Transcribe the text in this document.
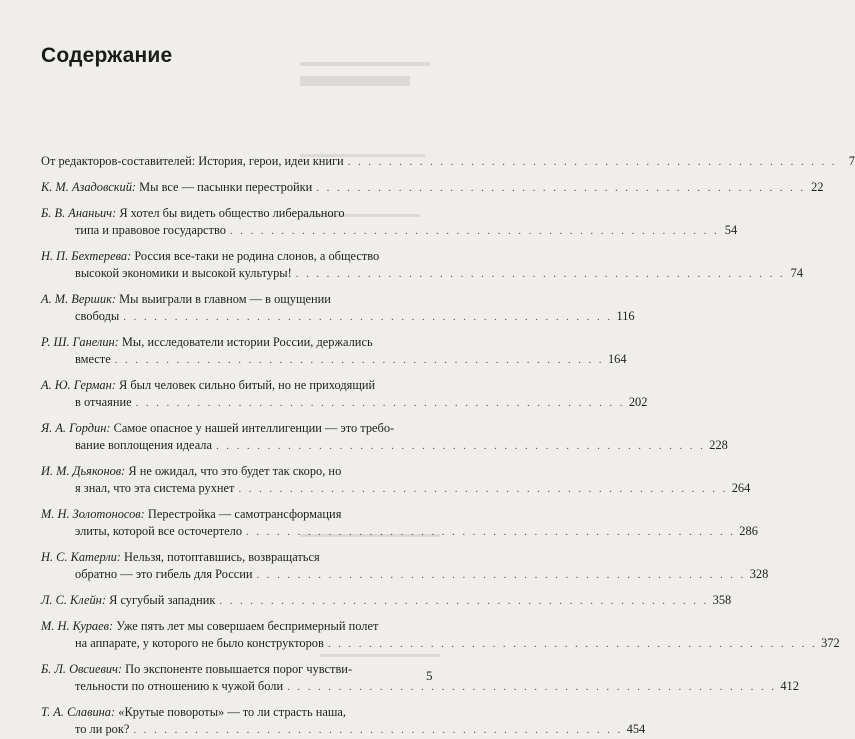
Содержание
От редакторов-составителей: История, герои, идеи книги . . . . . . . . . . . . . . . . . . . . . . . . . . . . . . . . . . . . . . . . . . . . . . . . 7
К. М. Азадовский:
Мы все — пасынки перестройки . . . . . . . . . . . . . . . . . . . . . . . . . . . . . . . . . . . . . . . . . . . . . . . . 22
Б. В. Ананьич:
Я хотел бы видеть общество либерального
типа и правовое государство . . . . . . . . . . . . . . . . . . . . . . . . . . . . . . . . . . . . . . . . . . . . . . . . 54
Н. П. Бехтерева:
Россия все-таки не родина слонов, а общество
высокой экономики и высокой культуры! . . . . . . . . . . . . . . . . . . . . . . . . . . . . . . . . . . . . . . . . . . . . . . . . 74
А. М. Вершик:
Мы выиграли в главном — в ощущении
свободы . . . . . . . . . . . . . . . . . . . . . . . . . . . . . . . . . . . . . . . . . . . . . . . . 116
Р. Ш. Ганелин:
Мы, исследователи истории России, держались
вместе . . . . . . . . . . . . . . . . . . . . . . . . . . . . . . . . . . . . . . . . . . . . . . . . 164
А. Ю. Герман:
Я был человек сильно битый, но не приходящий
в отчаяние . . . . . . . . . . . . . . . . . . . . . . . . . . . . . . . . . . . . . . . . . . . . . . . . 202
Я. А. Гордин:
Самое опасное у нашей интеллигенции — это требо-
вание воплощения идеала . . . . . . . . . . . . . . . . . . . . . . . . . . . . . . . . . . . . . . . . . . . . . . . . 228
И. М. Дьяконов:
Я не ожидал, что это будет так скоро, но
я знал, что эта система рухнет . . . . . . . . . . . . . . . . . . . . . . . . . . . . . . . . . . . . . . . . . . . . . . . . 264
М. Н. Золотоносов:
Перестройка — самотрансформация
элиты, которой все осточертело . . . . . . . . . . . . . . . . . . . . . . . . . . . . . . . . . . . . . . . . . . . . . . . . 286
Н. С. Катерли:
Нельзя, потоптавшись, возвращаться
обратно — это гибель для России . . . . . . . . . . . . . . . . . . . . . . . . . . . . . . . . . . . . . . . . . . . . . . . . 328
Л. С. Клейн:
Я сугубый западник . . . . . . . . . . . . . . . . . . . . . . . . . . . . . . . . . . . . . . . . . . . . . . . . 358
М. Н. Кураев:
Уже пять лет мы совершаем беспримерный полет
на аппарате, у которого не было конструкторов . . . . . . . . . . . . . . . . . . . . . . . . . . . . . . . . . . . . . . . . . . . . . . . . 372
Б. Л. Овсиевич:
По экспоненте повышается порог чувстви-
тельности по отношению к чужой боли . . . . . . . . . . . . . . . . . . . . . . . . . . . . . . . . . . . . . . . . . . . . . . . . 412
Т. А. Славина:
«Крутые повороты» — то ли страсть наша,
то ли рок? . . . . . . . . . . . . . . . . . . . . . . . . . . . . . . . . . . . . . . . . . . . . . . . . 454
5
